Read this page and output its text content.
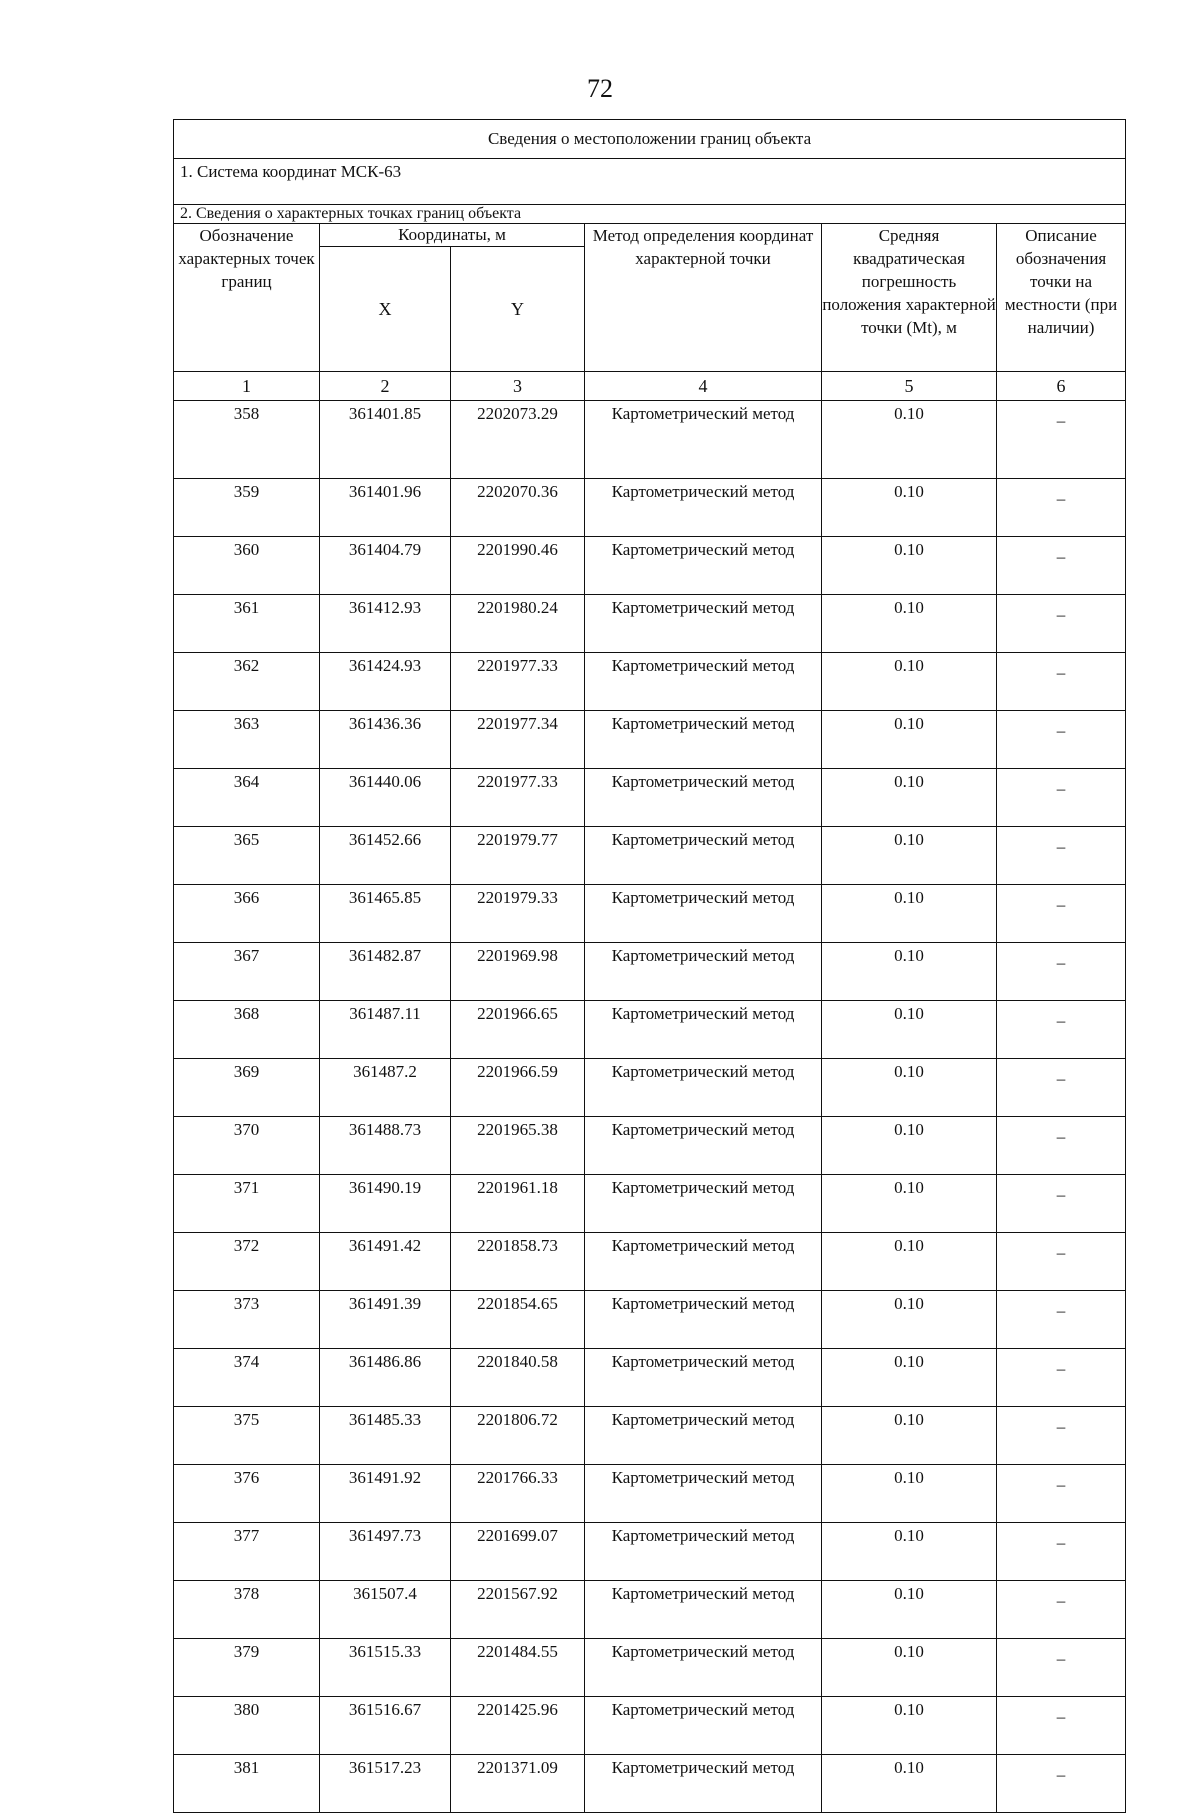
72
Сведения о местоположении границ объекта					
1. Система координат МСК-63					
2. Сведения о характерных точках границ объекта					
Обозначение характерных точек границ	Координаты, м		Метод определения координат характерной точки	Средняя квадратическая погрешность положения характерной точки (Mt), м	Описание обозначения точки на местности (при наличии)
	X	Y			
1	2	3	4	5	6
358	361401.85	2202073.29	Картометрический метод	0.10	–
359	361401.96	2202070.36	Картометрический метод	0.10	–
360	361404.79	2201990.46	Картометрический метод	0.10	–
361	361412.93	2201980.24	Картометрический метод	0.10	–
362	361424.93	2201977.33	Картометрический метод	0.10	–
363	361436.36	2201977.34	Картометрический метод	0.10	–
364	361440.06	2201977.33	Картометрический метод	0.10	–
365	361452.66	2201979.77	Картометрический метод	0.10	–
366	361465.85	2201979.33	Картометрический метод	0.10	–
367	361482.87	2201969.98	Картометрический метод	0.10	–
368	361487.11	2201966.65	Картометрический метод	0.10	–
369	361487.2	2201966.59	Картометрический метод	0.10	–
370	361488.73	2201965.38	Картометрический метод	0.10	–
371	361490.19	2201961.18	Картометрический метод	0.10	–
372	361491.42	2201858.73	Картометрический метод	0.10	–
373	361491.39	2201854.65	Картометрический метод	0.10	–
374	361486.86	2201840.58	Картометрический метод	0.10	–
375	361485.33	2201806.72	Картометрический метод	0.10	–
376	361491.92	2201766.33	Картометрический метод	0.10	–
377	361497.73	2201699.07	Картометрический метод	0.10	–
378	361507.4	2201567.92	Картометрический метод	0.10	–
379	361515.33	2201484.55	Картометрический метод	0.10	–
380	361516.67	2201425.96	Картометрический метод	0.10	–
381	361517.23	2201371.09	Картометрический метод	0.10	–
